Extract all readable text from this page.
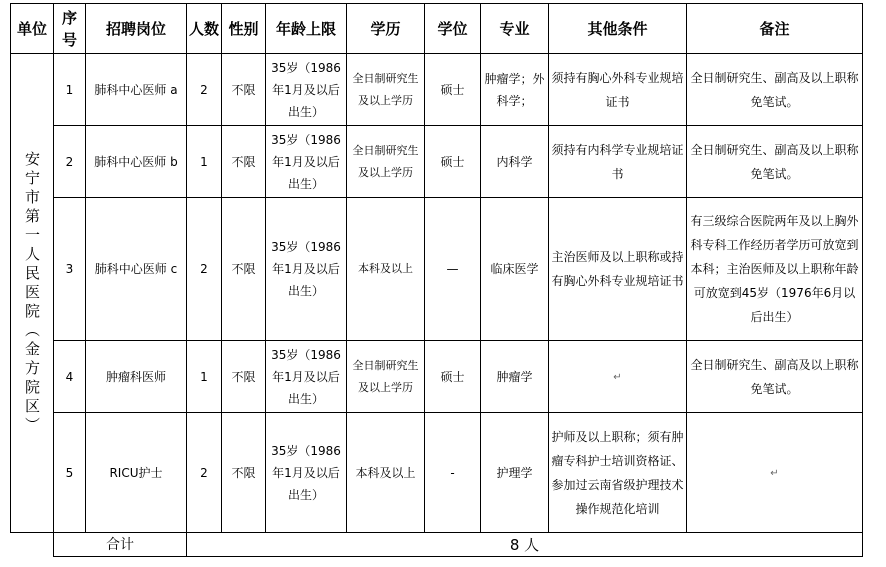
单位	序号	招聘岗位	人数	性别	年龄上限	学历	学位	专业	其他条件	备注

安宁市第一人民医院（金方院区）	1	肺科中心医师 a	2	不限	35岁（1986年1月及以后出生）	全日制研究生及以上学历	硕士	肿瘤学；外科学；	须持有胸心外科专业规培证书	全日制研究生、副高及以上职称免笔试。
	2	肺科中心医师 b	1	不限	35岁（1986年1月及以后出生）	全日制研究生及以上学历	硕士	内科学	须持有内科学专业规培证书	全日制研究生、副高及以上职称免笔试。
	3	肺科中心医师 c	2	不限	35岁（1986年1月及以后出生）	本科及以上	—	临床医学	主治医师及以上职称或持有胸心外科专业规培证书	有三级综合医院两年及以上胸外科专科工作经历者学历可放宽到本科；主治医师及以上职称年龄可放宽到45岁（1976年6月以后出生）
	4	肿瘤科医师	1	不限	35岁（1986年1月及以后出生）	全日制研究生及以上学历	硕士	肿瘤学	↵	全日制研究生、副高及以上职称免笔试。
	5	RICU护士	2	不限	35岁（1986年1月及以后出生）	本科及以上	-	护理学	护师及以上职称；须有肿瘤专科护士培训资格证、参加过云南省级护理技术操作规范化培训	↵
	合计		8 人							
